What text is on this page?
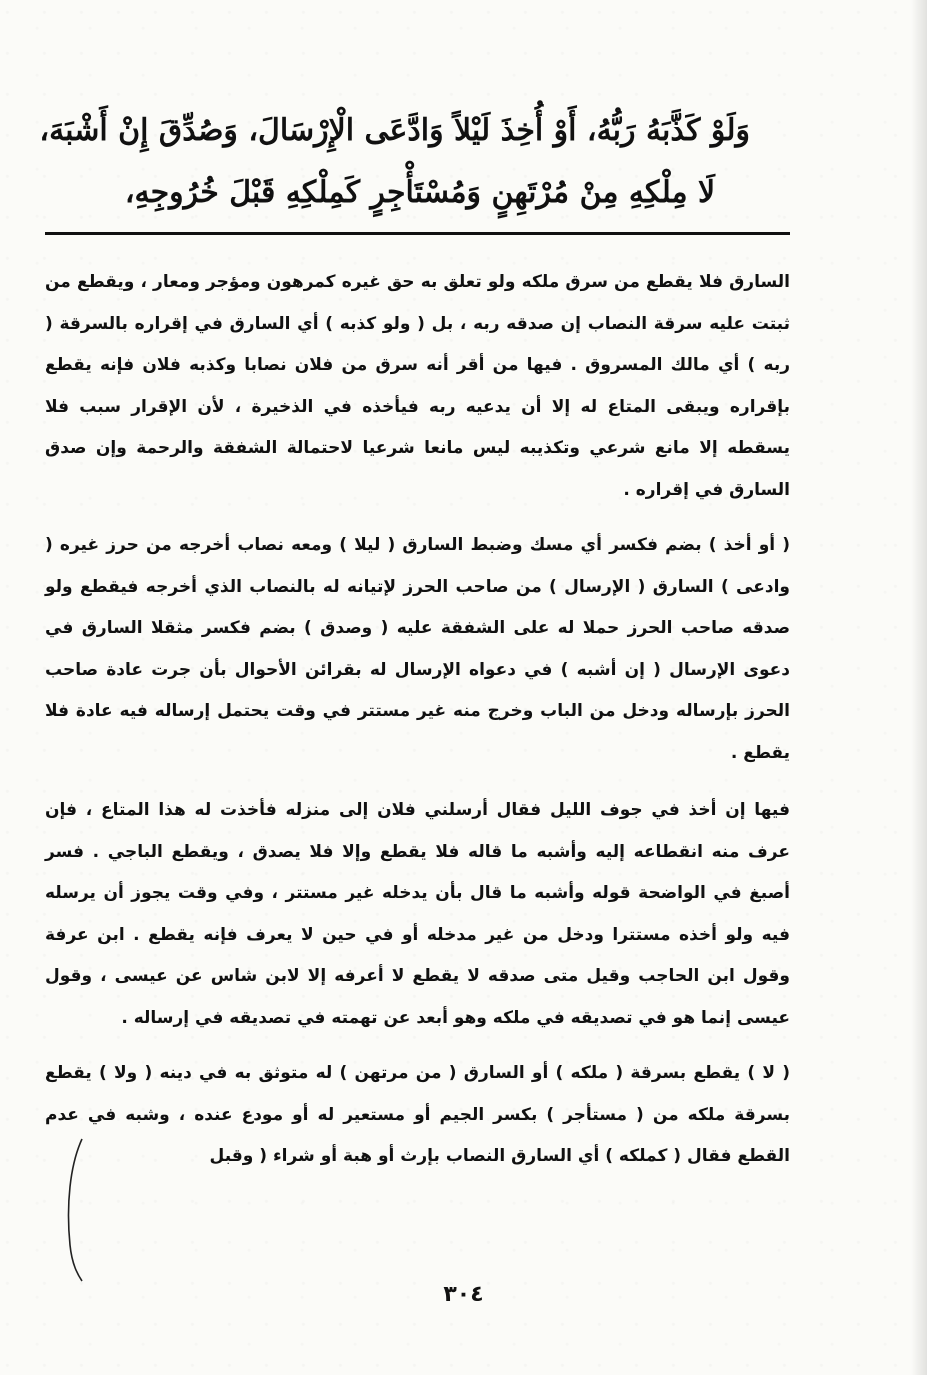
وَلَوْ كَذَّبَهُ رَبُّهُ، أَوْ أُخِذَ لَيْلاً وَادَّعَى الْإِرْسَالَ، وَصُدِّقَ إِنْ أَشْبَهَ،
لَا مِلْكِهِ مِنْ مُرْتَهِنٍ وَمُسْتَأْجِرٍ كَمِلْكِهِ قَبْلَ خُرُوجِهِ،

السارق فلا يقطع من سرق ملكه ولو تعلق به حق غيره كمرهون ومؤجر ومعار ، ويقطع من ثبتت عليه سرقة النصاب إن صدقه ربه ، بل ( ولو كذبه ) أي السارق في إقراره بالسرقة ( ربه ) أي مالك المسروق . فيها من أقر أنه سرق من فلان نصابا وكذبه فلان فإنه يقطع بإقراره ويبقى المتاع له إلا أن يدعيه ربه فيأخذه في الذخيرة ، لأن الإقرار سبب فلا يسقطه إلا مانع شرعي وتكذيبه ليس مانعا شرعيا لاحتمالة الشفقة والرحمة وإن صدق السارق في إقراره .

( أو أخذ ) بضم فكسر أي مسك وضبط السارق ( ليلا ) ومعه نصاب أخرجه من حرز غيره ( وادعى ) السارق ( الإرسال ) من صاحب الحرز لإتيانه له بالنصاب الذي أخرجه فيقطع ولو صدقه صاحب الحرز حملا له على الشفقة عليه ( وصدق ) بضم فكسر مثقلا السارق في دعوى الإرسال ( إن أشبه ) في دعواه الإرسال له بقرائن الأحوال بأن جرت عادة صاحب الحرز بإرساله ودخل من الباب وخرج منه غير مستتر في وقت يحتمل إرساله فيه عادة فلا يقطع .

فيها إن أخذ في جوف الليل فقال أرسلني فلان إلى منزله فأخذت له هذا المتاع ، فإن عرف منه انقطاعه إليه وأشبه ما قاله فلا يقطع وإلا فلا يصدق ، ويقطع الباجي . فسر أصبغ في الواضحة قوله وأشبه ما قال بأن يدخله غير مستتر ، وفي وقت يجوز أن يرسله فيه ولو أخذه مستترا ودخل من غير مدخله أو في حين لا يعرف فإنه يقطع . ابن عرفة وقول ابن الحاجب وقيل متى صدقه لا يقطع لا أعرفه إلا لابن شاس عن عيسى ، وقول عيسى إنما هو في تصديقه في ملكه وهو أبعد عن تهمته في تصديقه في إرساله .

( لا ) يقطع بسرقة ( ملكه ) أو السارق ( من مرتهن ) له متوثق به في دينه ( ولا ) يقطع بسرقة ملكه من ( مستأجر ) بكسر الجيم أو مستعير له أو مودع عنده ، وشبه في عدم القطع فقال ( كملكه ) أي السارق النصاب بإرث أو هبة أو شراء ( وقبل

٣٠٤
